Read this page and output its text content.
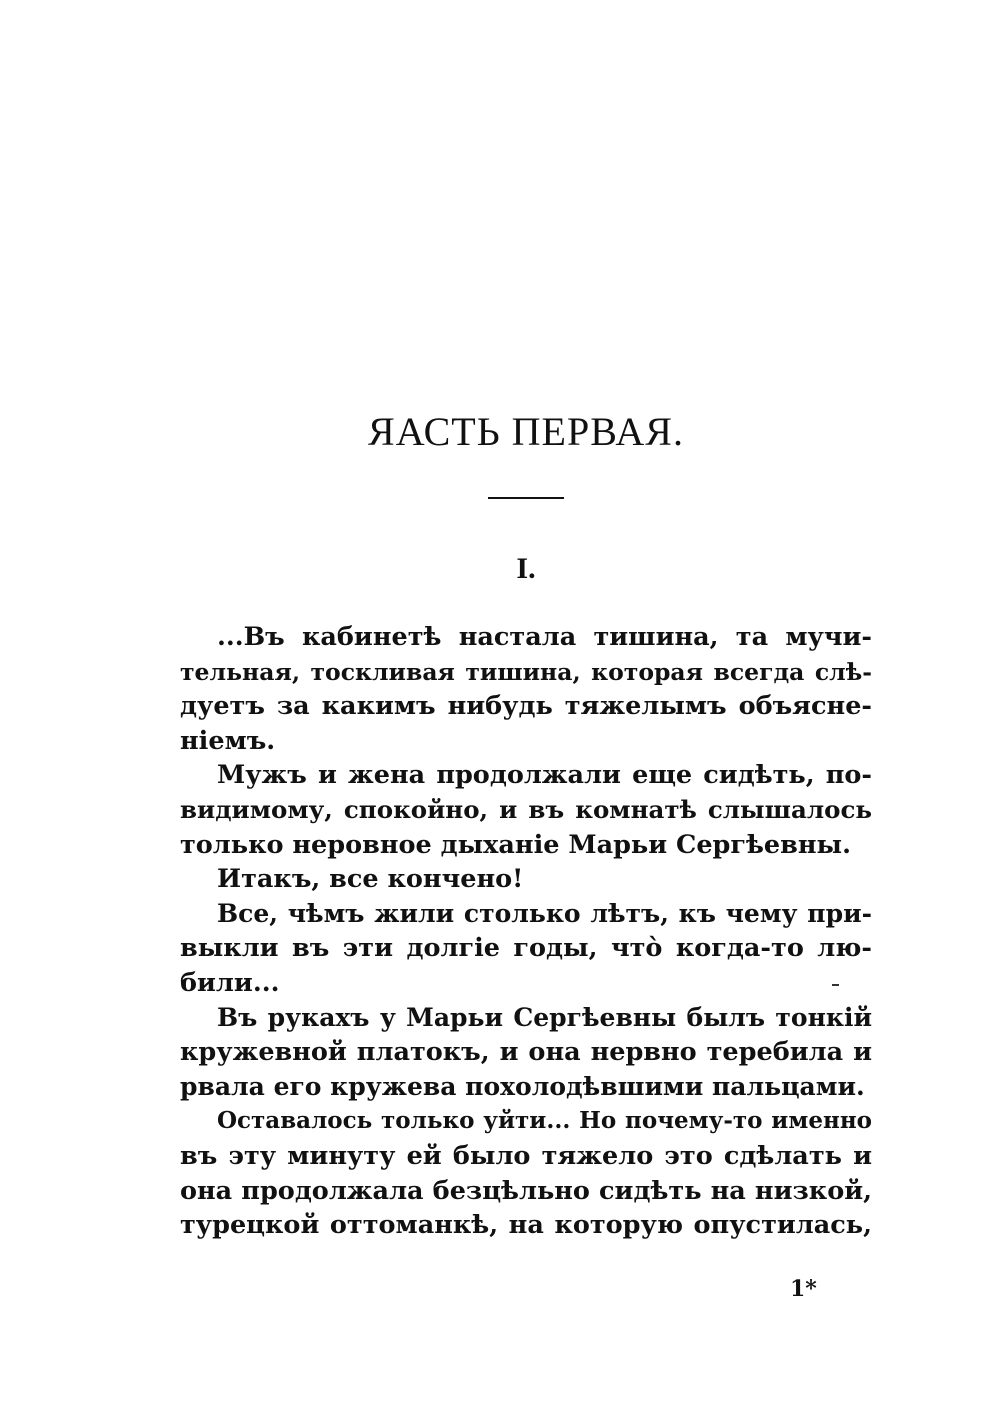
ЯАСТЬ ПЕРВАЯ.
I.
...Въ кабинетѣ настала тишина, та мучи-
тельная, тоскливая тишина, которая всегда слѣ-
дуетъ за какимъ нибудь тяжелымъ объясне-
ніемъ.
Мужъ и жена продолжали еще сидѣть, по-
видимому, спокойно, и въ комнатѣ слышалось
только неровное дыханіе Марьи Сергѣевны.
Итакъ, все кончено!
Все, чѣмъ жили столько лѣтъ, къ чему при-
выкли въ эти долгіе годы, что̀ когда-то лю-
били...
Въ рукахъ у Марьи Сергѣевны былъ тонкій
кружевной платокъ, и она нервно теребила и
рвала его кружева похолодѣвшими пальцами.
Оставалось только уйти... Но почему-то именно
въ эту минуту ей было тяжело это сдѣлать и
она продолжала безцѣльно сидѣть на низкой,
турецкой оттоманкѣ, на которую опустилась,
1*
